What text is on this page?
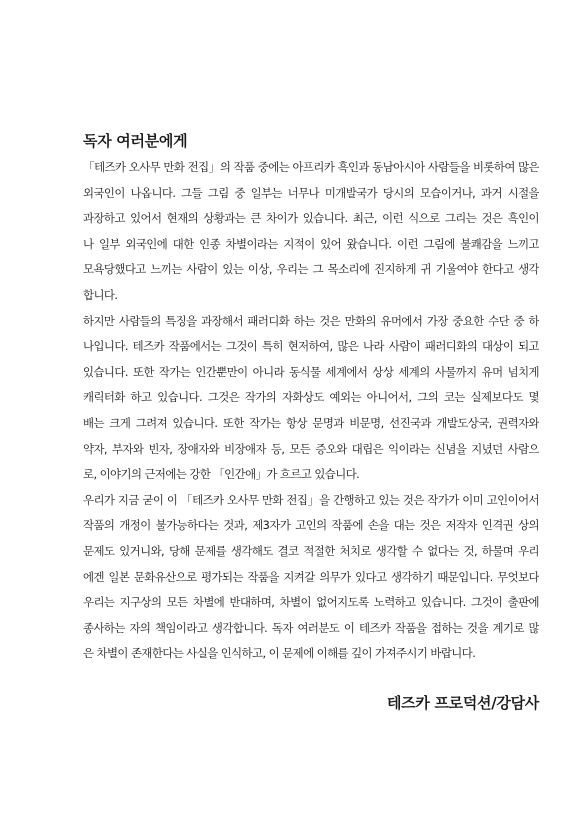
독자 여러분에게
「테즈카 오사무 만화 전집」의 작품 중에는 아프리카 흑인과 동남아시아 사람들을 비롯하여 많은
외국인이 나옵니다. 그들 그림 중 일부는 너무나 미개발국가 당시의 모습이거나, 과거 시절을
과장하고 있어서 현재의 상황과는 큰 차이가 있습니다. 최근, 이런 식으로 그리는 것은 흑인이
나 일부 외국인에 대한 인종 차별이라는 지적이 있어 왔습니다. 이런 그림에 불쾌감을 느끼고
모욕당했다고 느끼는 사람이 있는 이상, 우리는 그 목소리에 진지하게 귀 기울여야 한다고 생각
합니다.
하지만 사람들의 특징을 과장해서 패러디화 하는 것은 만화의 유머에서 가장 중요한 수단 중 하
나입니다. 테즈카 작품에서는 그것이 특히 현저하여, 많은 나라 사람이 패러디화의 대상이 되고
있습니다. 또한 작가는 인간뿐만이 아니라 동식물 세계에서 상상 세계의 사물까지 유머 넘치게
캐릭터화 하고 있습니다. 그것은 작가의 자화상도 예외는 아니어서, 그의 코는 실제보다도 몇
배는 크게 그려져 있습니다. 또한 작가는 항상 문명과 비문명, 선진국과 개발도상국, 권력자와
약자, 부자와 빈자, 장애자와 비장애자 등, 모든 증오와 대립은 익이라는 신념을 지녔던 사람으
로, 이야기의 근저에는 강한 「인간애」가 흐르고 있습니다.
우리가 지금 굳이 이 「테즈카 오사무 만화 전집」을 간행하고 있는 것은 작가가 이미 고인이어서
작품의 개정이 불가능하다는 것과, 제3자가 고인의 작품에 손을 대는 것은 저작자 인격권 상의
문제도 있거니와, 당해 문제를 생각해도 결코 적절한 처치로 생각할 수 없다는 것, 하물며 우리
에겐 일본 문화유산으로 평가되는 작품을 지켜갈 의무가 있다고 생각하기 때문입니다. 무엇보다
우리는 지구상의 모든 차별에 반대하며, 차별이 없어지도록 노력하고 있습니다. 그것이 출판에
종사하는 자의 책임이라고 생각합니다. 독자 여러분도 이 테즈카 작품을 접하는 것을 계기로 많
은 차별이 존재한다는 사실을 인식하고, 이 문제에 이해를 깊이 가져주시기 바랍니다.
테즈카 프로덕션/강담사
